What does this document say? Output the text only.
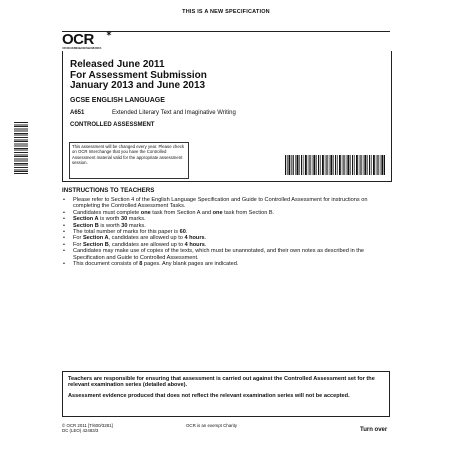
THIS IS A NEW SPECIFICATION
OCR ✶
OXFORD CAMBRIDGE AND RSA EXAMINATIONS
Released June 2011
For Assessment Submission
January 2013 and June 2013
GCSE ENGLISH LANGUAGE
A651	Extended Literary Text and Imaginative Writing
CONTROLLED ASSESSMENT
This assessment will be changed every year. Please check on OCR Interchange that you have the Controlled Assessment material valid for the appropriate assessment session.
INSTRUCTIONS TO TEACHERS
• Please refer to Section 4 of the English Language Specification and Guide to Controlled Assessment for instructions on completing the Controlled Assessment Tasks.
• Candidates must complete one task from Section A and one task from Section B.
• Section A is worth 30 marks.
• Section B is worth 30 marks.
• The total number of marks for this paper is 60.
• For Section A, candidates are allowed up to 4 hours.
• For Section B, candidates are allowed up to 4 hours.
• Candidates may make use of copies of the texts, which must be unannotated, and their own notes as described in the Specification and Guide to Controlled Assessment.
• This document consists of 8 pages. Any blank pages are indicated.

Teachers are responsible for ensuring that assessment is carried out against the Controlled Assessment set for the relevant examination series (detailed above).

Assessment evidence produced that does not reflect the relevant examination series will not be accepted.

© OCR 2011 [T/600/3281]
DC (LEO) 42483/3
OCR is an exempt Charity
Turn over
